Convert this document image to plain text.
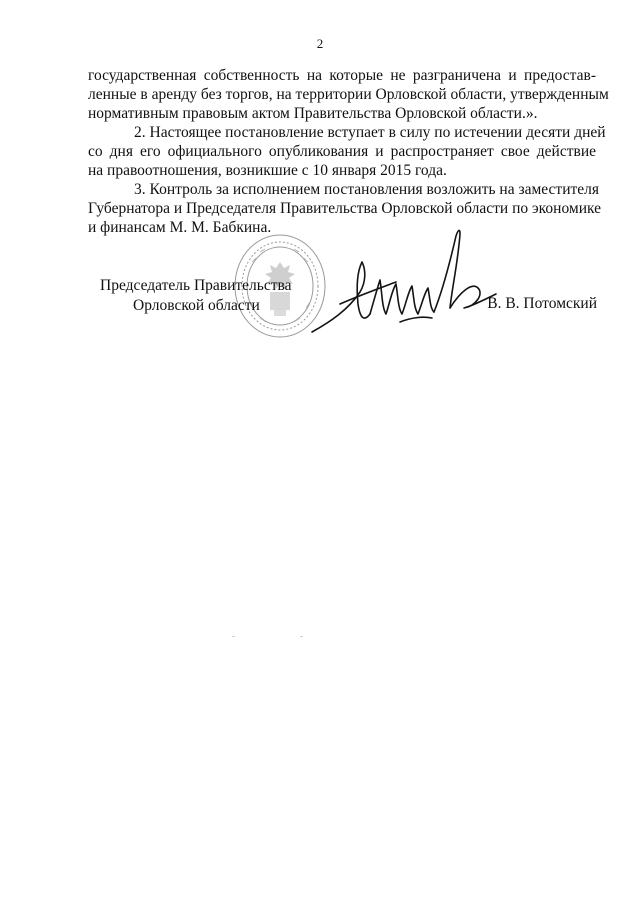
2
государственная собственность на которые не разграничена и предостав-
ленные в аренду без торгов, на территории Орловской области, утвержденным
нормативным правовым актом Правительства Орловской области.».
2. Настоящее постановление вступает в силу по истечении десяти дней
со дня его официального опубликования и распространяет свое действие
на правоотношения, возникшие с 10 января 2015 года.
3. Контроль за исполнением постановления возложить на заместителя
Губернатора и Председателя Правительства Орловской области по экономике
и финансам М. М. Бабкина.
Председатель Правительства
Орловской области	В. В. Потомский
